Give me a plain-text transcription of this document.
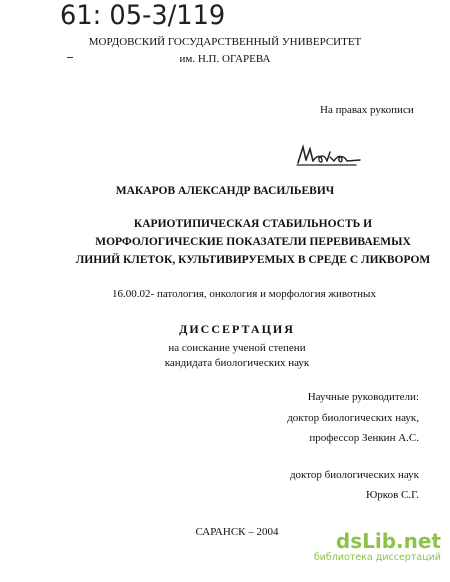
61: 05-3/119
МОРДОВСКИЙ ГОСУДАРСТВЕННЫЙ УНИВЕРСИТЕТ
им. Н.П. ОГАРЕВА
На правах рукописи
МАКАРОВ АЛЕКСАНДР ВАСИЛЬЕВИЧ
КАРИОТИПИЧЕСКАЯ СТАБИЛЬНОСТЬ И
МОРФОЛОГИЧЕСКИЕ ПОКАЗАТЕЛИ ПЕРЕВИВАЕМЫХ
ЛИНИЙ КЛЕТОК, КУЛЬТИВИРУЕМЫХ В СРЕДЕ С ЛИКВОРОМ
16.00.02- патология, онкология и морфология животных
ДИССЕРТАЦИЯ
на соискание ученой степени
кандидата биологических наук
Научные руководители:
доктор биологических наук,
профессор Зенкин А.С.
доктор биологических наук
Юрков С.Г.
САРАНСК – 2004	dsLib.net
библиотека диссертаций
